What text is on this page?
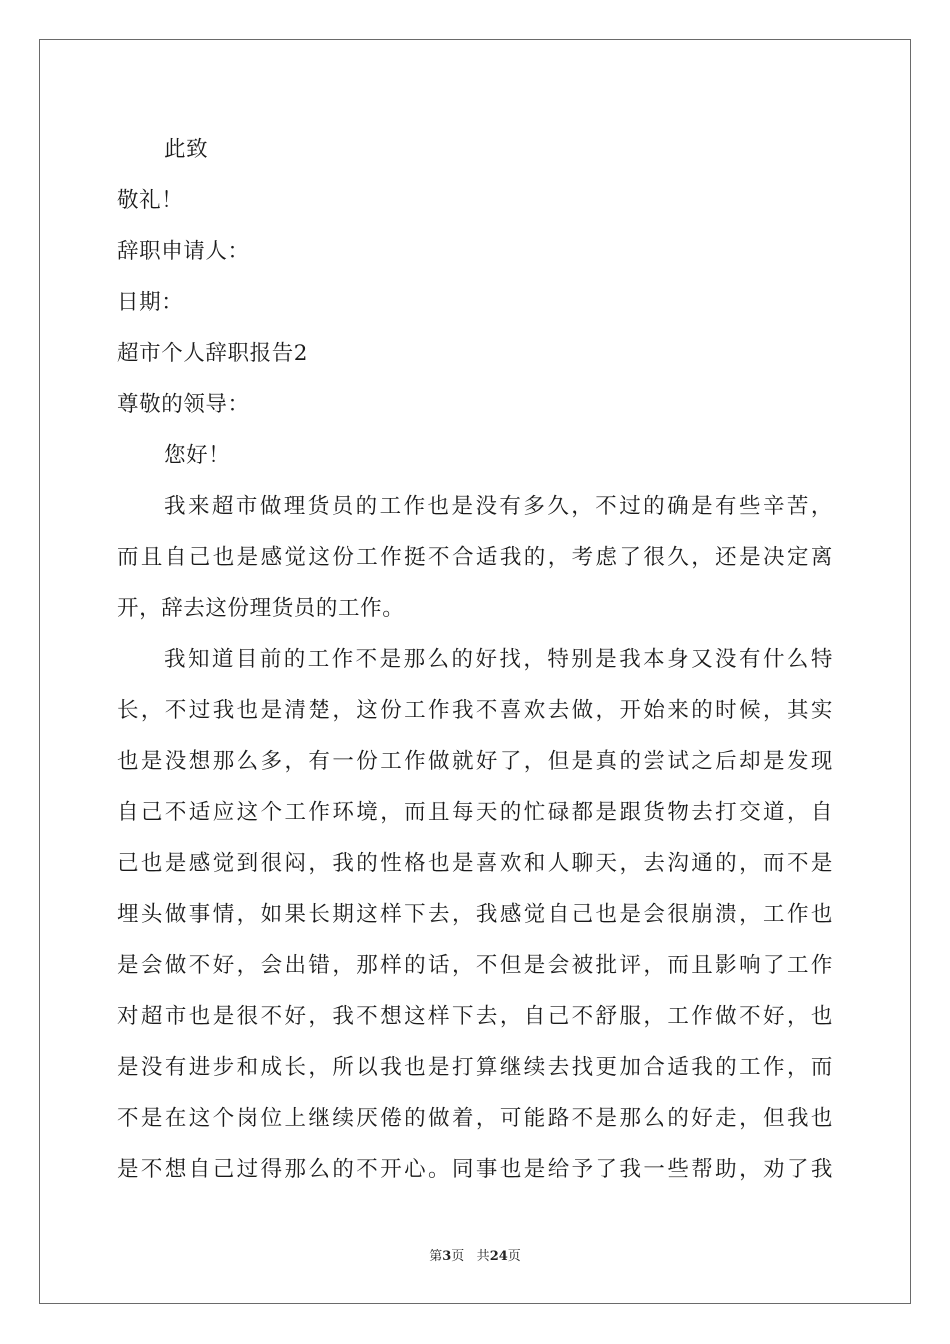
此致
敬礼！
辞职申请人：
日期：
超市个人辞职报告2
尊敬的领导：
您好！
我来超市做理货员的工作也是没有多久，不过的确是有些辛苦，
而且自己也是感觉这份工作挺不合适我的，考虑了很久，还是决定离
开，辞去这份理货员的工作。
我知道目前的工作不是那么的好找，特别是我本身又没有什么特
长，不过我也是清楚，这份工作我不喜欢去做，开始来的时候，其实
也是没想那么多，有一份工作做就好了，但是真的尝试之后却是发现
自己不适应这个工作环境，而且每天的忙碌都是跟货物去打交道，自
己也是感觉到很闷，我的性格也是喜欢和人聊天，去沟通的，而不是
埋头做事情，如果长期这样下去，我感觉自己也是会很崩溃，工作也
是会做不好，会出错，那样的话，不但是会被批评，而且影响了工作
对超市也是很不好，我不想这样下去，自己不舒服，工作做不好，也
是没有进步和成长，所以我也是打算继续去找更加合适我的工作，而
不是在这个岗位上继续厌倦的做着，可能路不是那么的好走，但我也
是不想自己过得那么的不开心。同事也是给予了我一些帮助，劝了我
第3页 共24页
